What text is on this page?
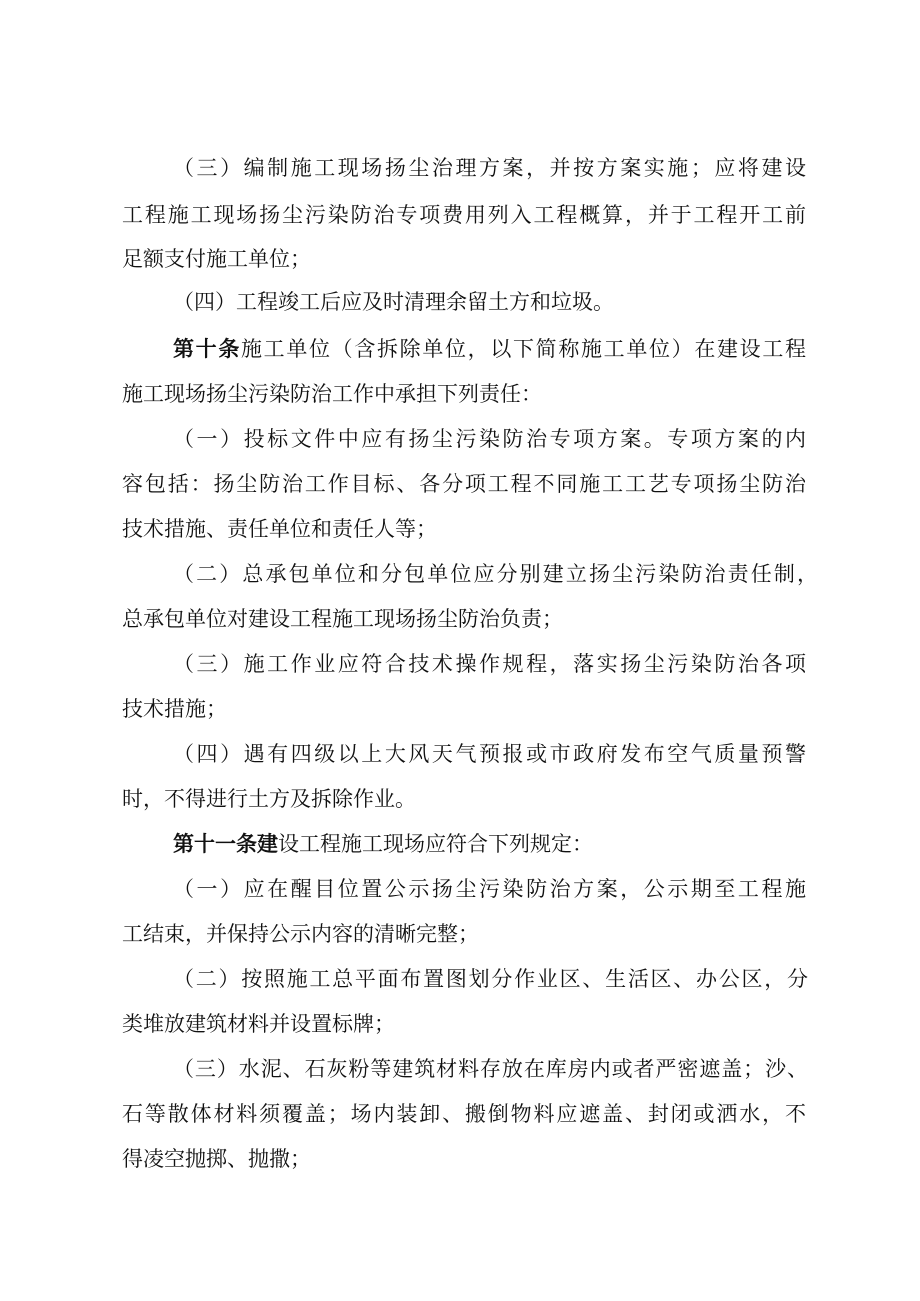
（三）编制施工现场扬尘治理方案，并按方案实施；应将建设
工程施工现场扬尘污染防治专项费用列入工程概算，并于工程开工前
足额支付施工单位；
（四）工程竣工后应及时清理余留土方和垃圾。
第十条施工单位（含拆除单位，以下简称施工单位）在建设工程
施工现场扬尘污染防治工作中承担下列责任：
（一）投标文件中应有扬尘污染防治专项方案。专项方案的内
容包括：扬尘防治工作目标、各分项工程不同施工工艺专项扬尘防治
技术措施、责任单位和责任人等；
（二）总承包单位和分包单位应分别建立扬尘污染防治责任制，
总承包单位对建设工程施工现场扬尘防治负责；
（三）施工作业应符合技术操作规程，落实扬尘污染防治各项
技术措施；
（四）遇有四级以上大风天气预报或市政府发布空气质量预警
时，不得进行土方及拆除作业。
第十一条建设工程施工现场应符合下列规定：
（一）应在醒目位置公示扬尘污染防治方案，公示期至工程施
工结束，并保持公示内容的清晰完整；
（二）按照施工总平面布置图划分作业区、生活区、办公区，分
类堆放建筑材料并设置标牌；
（三）水泥、石灰粉等建筑材料存放在库房内或者严密遮盖；沙、
石等散体材料须覆盖；场内装卸、搬倒物料应遮盖、封闭或洒水，不
得凌空抛掷、抛撒；
